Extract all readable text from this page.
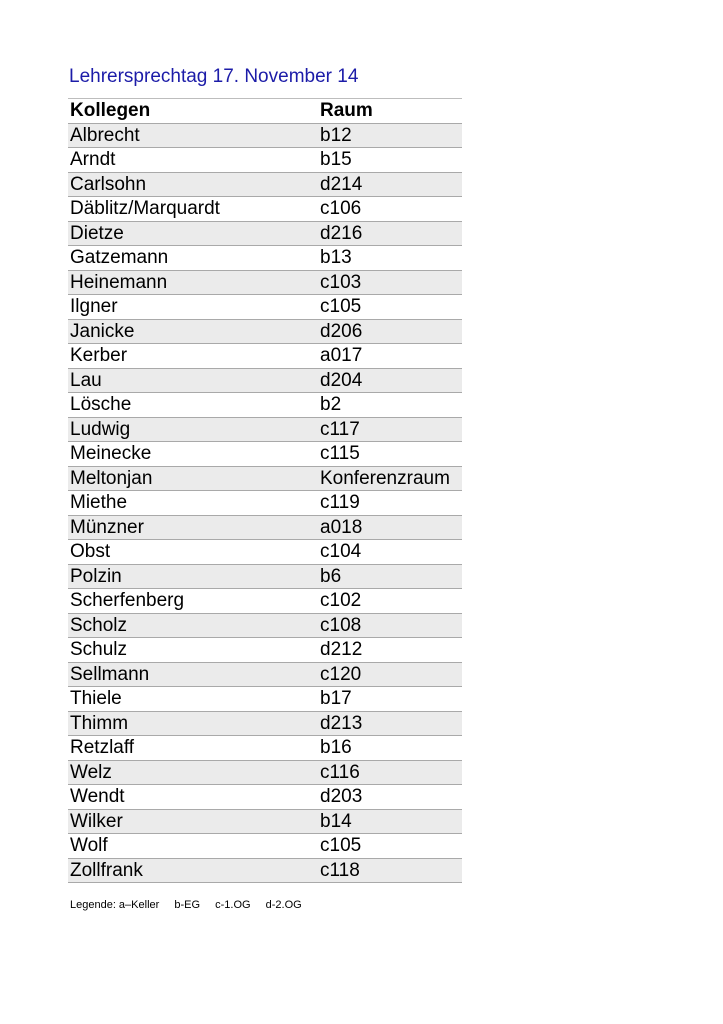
Lehrersprechtag 17. November 14
Kollegen	Raum
Albrecht	b12
Arndt	b15
Carlsohn	d214
Däblitz/Marquardt	c106
Dietze	d216
Gatzemann	b13
Heinemann	c103
Ilgner	c105
Janicke	d206
Kerber	a017
Lau	d204
Lösche	b2
Ludwig	c117
Meinecke	c115
Meltonjan	Konferenzraum
Miethe	c119
Münzner	a018
Obst	c104
Polzin	b6
Scherfenberg	c102
Scholz	c108
Schulz	d212
Sellmann	c120
Thiele	b17
Thimm	d213
Retzlaff	b16
Welz	c116
Wendt	d203
Wilker	b14
Wolf	c105
Zollfrank	c118
Legende: a–Keller b-EG c-1.OG d-2.OG
